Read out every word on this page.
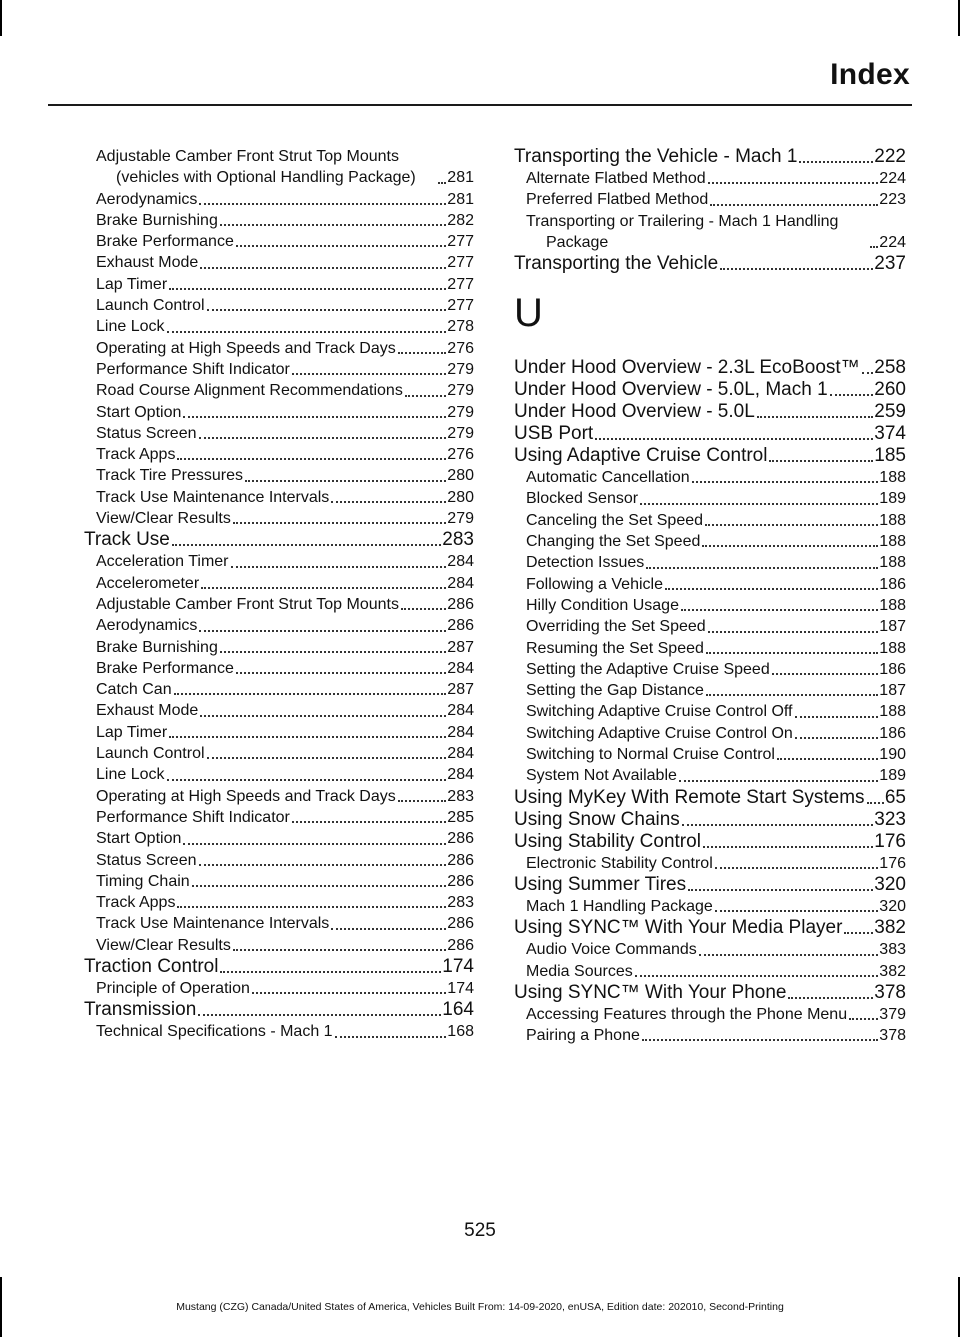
Index
Adjustable Camber Front Strut Top Mounts (vehicles with Optional Handling Package)	281
Aerodynamics	281
Brake Burnishing	282
Brake Performance	277
Exhaust Mode	277
Lap Timer	277
Launch Control	277
Line Lock	278
Operating at High Speeds and Track Days	276
Performance Shift Indicator	279
Road Course Alignment Recommendations	279
Start Option	279
Status Screen	279
Track Apps	276
Track Tire Pressures	280
Track Use Maintenance Intervals	280
View/Clear Results	279
Track Use	283
Acceleration Timer	284
Accelerometer	284
Adjustable Camber Front Strut Top Mounts	286
Aerodynamics	286
Brake Burnishing	287
Brake Performance	284
Catch Can	287
Exhaust Mode	284
Lap Timer	284
Launch Control	284
Line Lock	284
Operating at High Speeds and Track Days	283
Performance Shift Indicator	285
Start Option	286
Status Screen	286
Timing Chain	286
Track Apps	283
Track Use Maintenance Intervals	286
View/Clear Results	286
Traction Control	174
Principle of Operation	174
Transmission	164
Technical Specifications - Mach 1	168
Transporting the Vehicle - Mach 1	222
Alternate Flatbed Method	224
Preferred Flatbed Method	223
Transporting or Trailering - Mach 1 Handling Package	224
Transporting the Vehicle	237
U
Under Hood Overview - 2.3L EcoBoost™ 258
Under Hood Overview - 5.0L, Mach 1 260
Under Hood Overview - 5.0L	259
USB Port	374
Using Adaptive Cruise Control	185
Automatic Cancellation	188
Blocked Sensor	189
Canceling the Set Speed	188
Changing the Set Speed	188
Detection Issues	188
Following a Vehicle	186
Hilly Condition Usage	188
Overriding the Set Speed	187
Resuming the Set Speed	188
Setting the Adaptive Cruise Speed	186
Setting the Gap Distance	187
Switching Adaptive Cruise Control Off	188
Switching Adaptive Cruise Control On	186
Switching to Normal Cruise Control	190
System Not Available	189
Using MyKey With Remote Start Systems 65
Using Snow Chains	323
Using Stability Control	176
Electronic Stability Control	176
Using Summer Tires	320
Mach 1 Handling Package	320
Using SYNC™ With Your Media Player 382
Audio Voice Commands	383
Media Sources	382
Using SYNC™ With Your Phone	378
Accessing Features through the Phone Menu 379
Pairing a Phone	378
525
Mustang (CZG) Canada/United States of America, Vehicles Built From: 14-09-2020, enUSA, Edition date: 202010, Second-Printing
